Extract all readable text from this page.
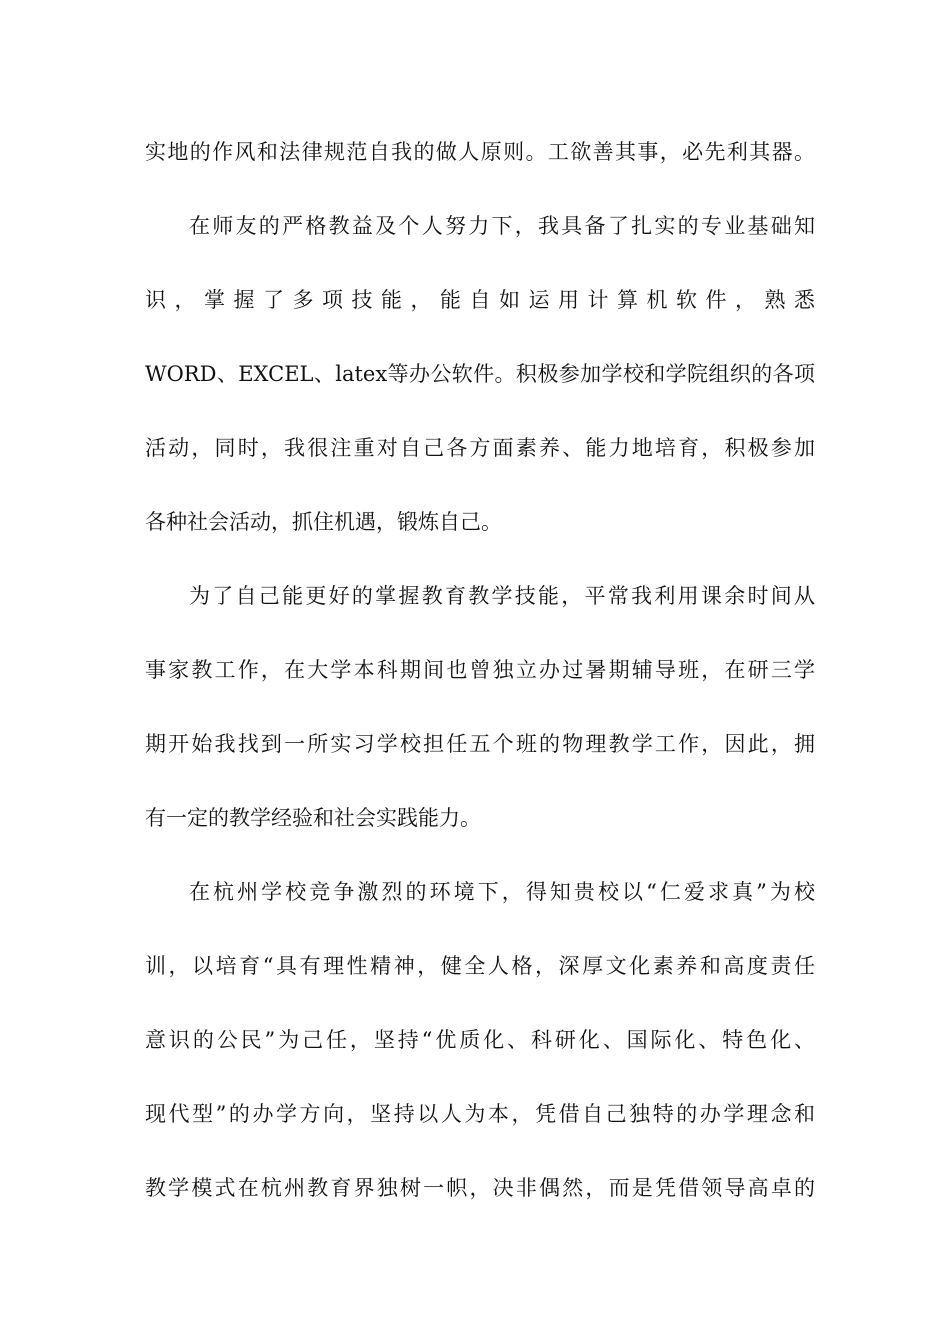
实地的作风和法律规范自我的做人原则。工欲善其事，必先利其器。
在师友的严格教益及个人努力下，我具备了扎实的专业基础知
识，掌握了多项技能，能自如运用计算机软件，熟悉
WORD、EXCEL、latex等办公软件。积极参加学校和学院组织的各项
活动，同时，我很注重对自己各方面素养、能力地培育，积极参加
各种社会活动，抓住机遇，锻炼自己。
为了自己能更好的掌握教育教学技能，平常我利用课余时间从
事家教工作，在大学本科期间也曾独立办过暑期辅导班，在研三学
期开始我找到一所实习学校担任五个班的物理教学工作，因此，拥
有一定的教学经验和社会实践能力。
在杭州学校竞争激烈的环境下，得知贵校以“仁爱求真”为校
训，以培育“具有理性精神，健全人格，深厚文化素养和高度责任
意识的公民”为己任，坚持“优质化、科研化、国际化、特色化、
现代型”的办学方向，坚持以人为本，凭借自己独特的办学理念和
教学模式在杭州教育界独树一帜，决非偶然，而是凭借领导高卓的
